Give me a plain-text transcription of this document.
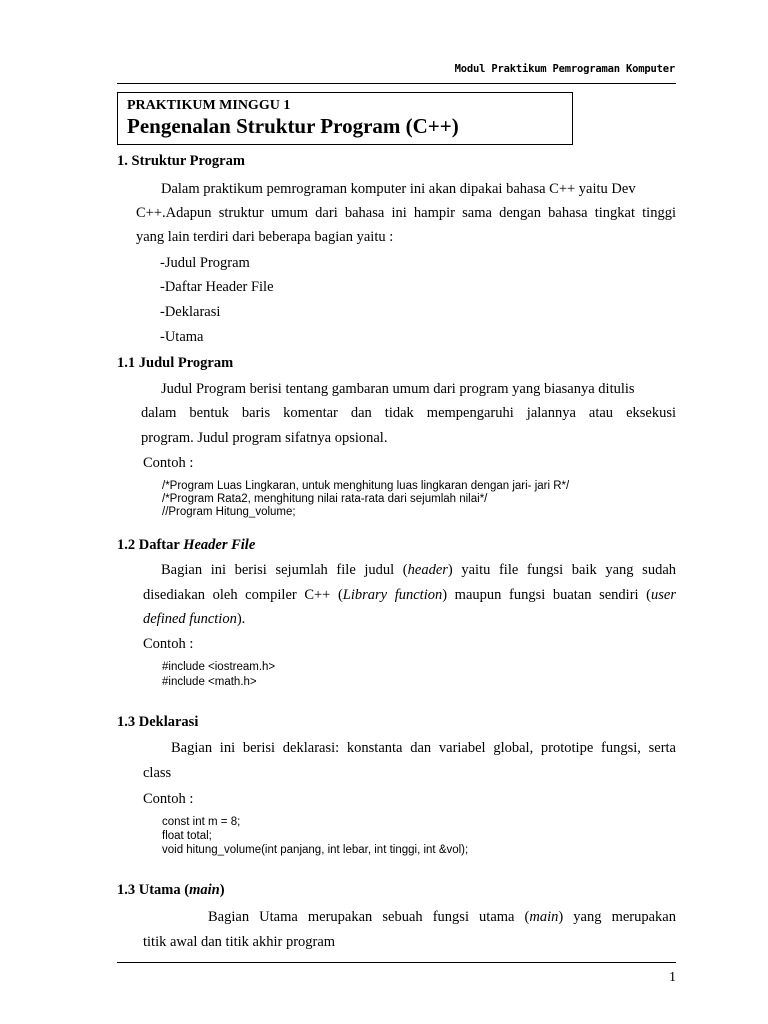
Modul Praktikum Pemrograman Komputer
PRAKTIKUM MINGGU 1
Pengenalan Struktur Program (C++)
1. Struktur Program
Dalam praktikum pemrograman komputer ini akan dipakai bahasa C++ yaitu Dev
C++.Adapun struktur umum dari bahasa ini hampir sama dengan bahasa tingkat tinggi
yang lain terdiri dari beberapa bagian yaitu :
-Judul Program
-Daftar Header File
-Deklarasi
-Utama
1.1 Judul Program
Judul Program berisi tentang gambaran umum dari program yang biasanya ditulis
dalam bentuk baris komentar dan tidak mempengaruhi jalannya atau eksekusi
program. Judul program sifatnya opsional.
Contoh :
/*Program Luas Lingkaran, untuk menghitung luas lingkaran dengan jari- jari R*/
/*Program Rata2, menghitung nilai rata-rata dari sejumlah nilai*/
//Program Hitung_volume;
1.2 Daftar Header File
Bagian ini berisi sejumlah file judul (header) yaitu file fungsi baik yang sudah
disediakan oleh compiler C++ (Library function) maupun fungsi buatan sendiri (user
defined function).
Contoh :
#include <iostream.h>
#include <math.h>
1.3 Deklarasi
Bagian ini berisi deklarasi: konstanta dan variabel global, prototipe fungsi, serta
class
Contoh :
const int m = 8;
float total;
void hitung_volume(int panjang, int lebar, int tinggi, int &vol);
1.3 Utama (main)
Bagian Utama merupakan sebuah fungsi utama (main) yang merupakan
titik awal dan titik akhir program
1
